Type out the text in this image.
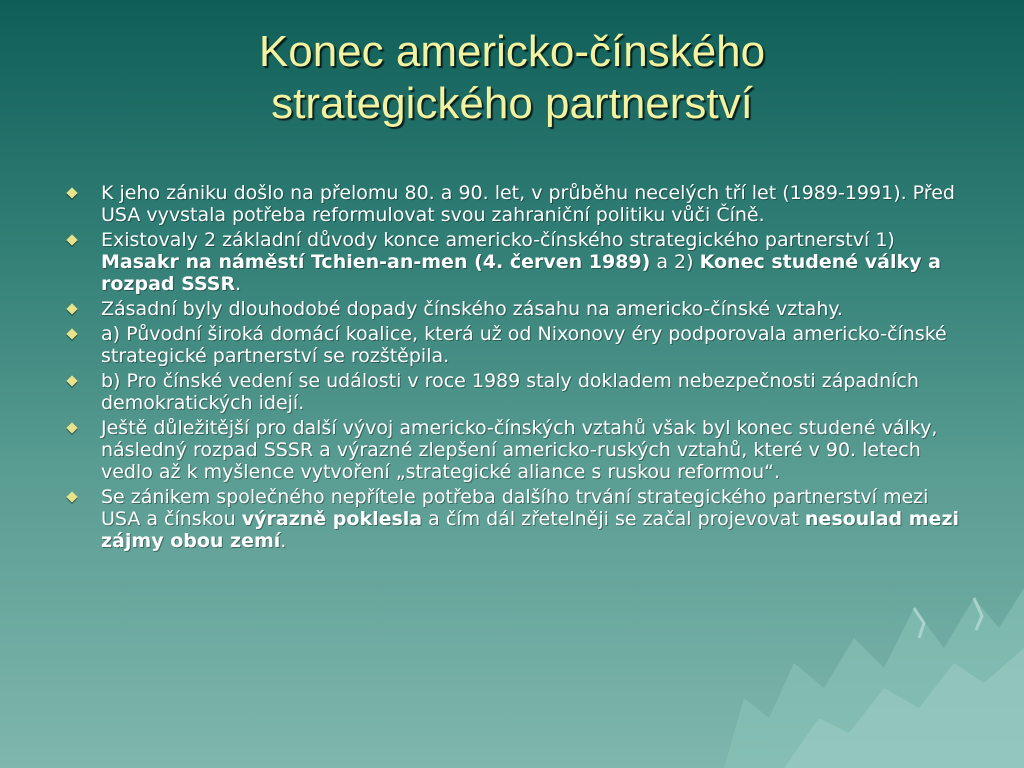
Konec americko-čínského
strategického partnerství
K jeho zániku došlo na přelomu 80. a 90. let, v průběhu necelých tří let (1989-1991). Před USA vyvstala potřeba reformulovat svou zahraniční politiku vůči Číně.
Existovaly 2 základní důvody konce americko-čínského strategického partnerství 1) Masakr na náměstí Tchien-an-men (4. červen 1989) a 2) Konec studené války a rozpad SSSR.
Zásadní byly dlouhodobé dopady čínského zásahu na americko-čínské vztahy.
a) Původní široká domácí koalice, která už od Nixonovy éry podporovala americko-čínské strategické partnerství se rozštěpila.
b) Pro čínské vedení se události v roce 1989 staly dokladem nebezpečnosti západních demokratických idejí.
Ještě důležitější pro další vývoj americko-čínských vztahů však byl konec studené války, následný rozpad SSSR a výrazné zlepšení americko-ruských vztahů, které v 90. letech vedlo až k myšlence vytvoření „strategické aliance s ruskou reformou“.
Se zánikem společného nepřítele potřeba dalšího trvání strategického partnerství mezi USA a čínskou výrazně poklesla a čím dál zřetelněji se začal projevovat nesoulad mezi zájmy obou zemí.
